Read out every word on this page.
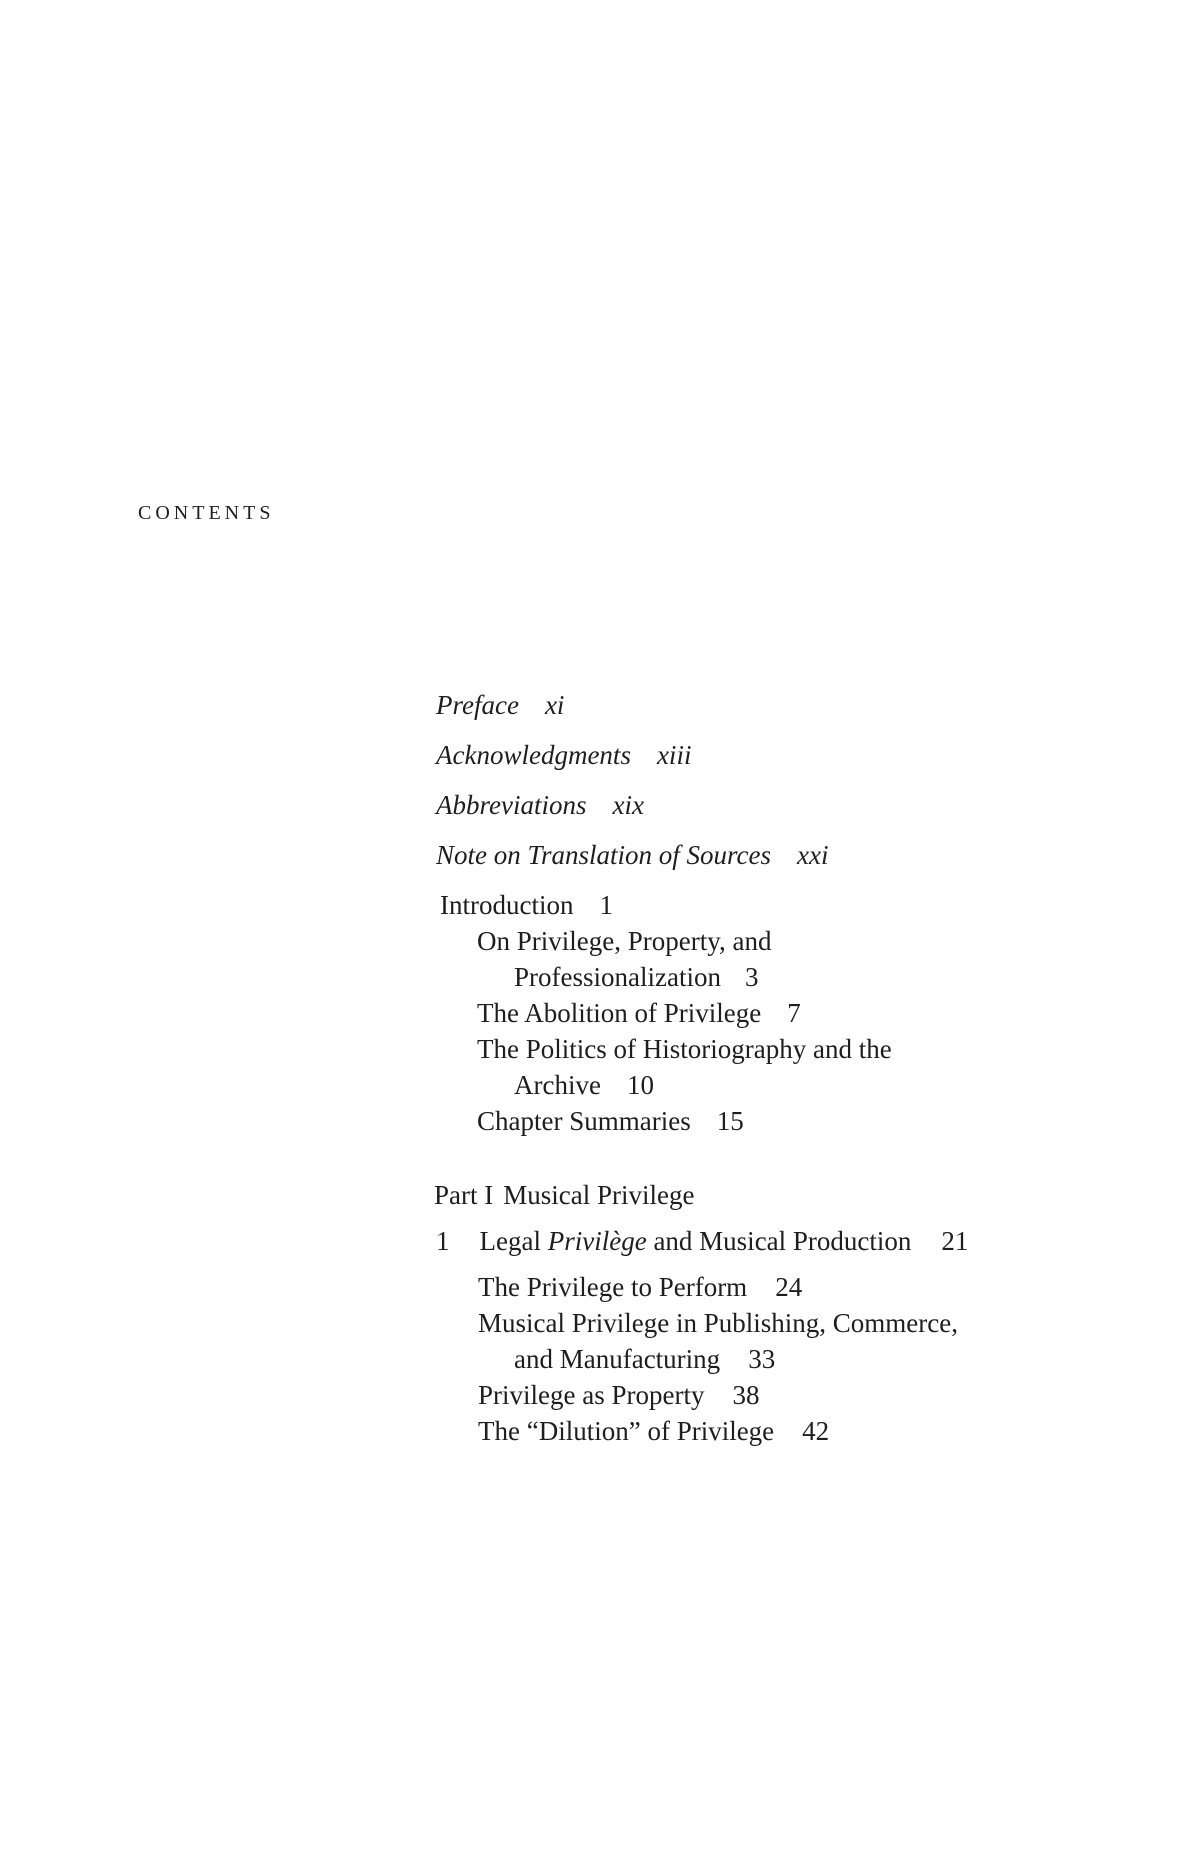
CONTENTS
Preface xi
Acknowledgments xiii
Abbreviations xix
Note on Translation of Sources xxi
Introduction 1
On Privilege, Property, and
Professionalization 3
The Abolition of Privilege 7
The Politics of Historiography and the
Archive 10
Chapter Summaries 15
Part I Musical Privilege
1 Legal Privilège and Musical Production 21
The Privilege to Perform 24
Musical Privilege in Publishing, Commerce,
and Manufacturing 33
Privilege as Property 38
The “Dilution” of Privilege 42
